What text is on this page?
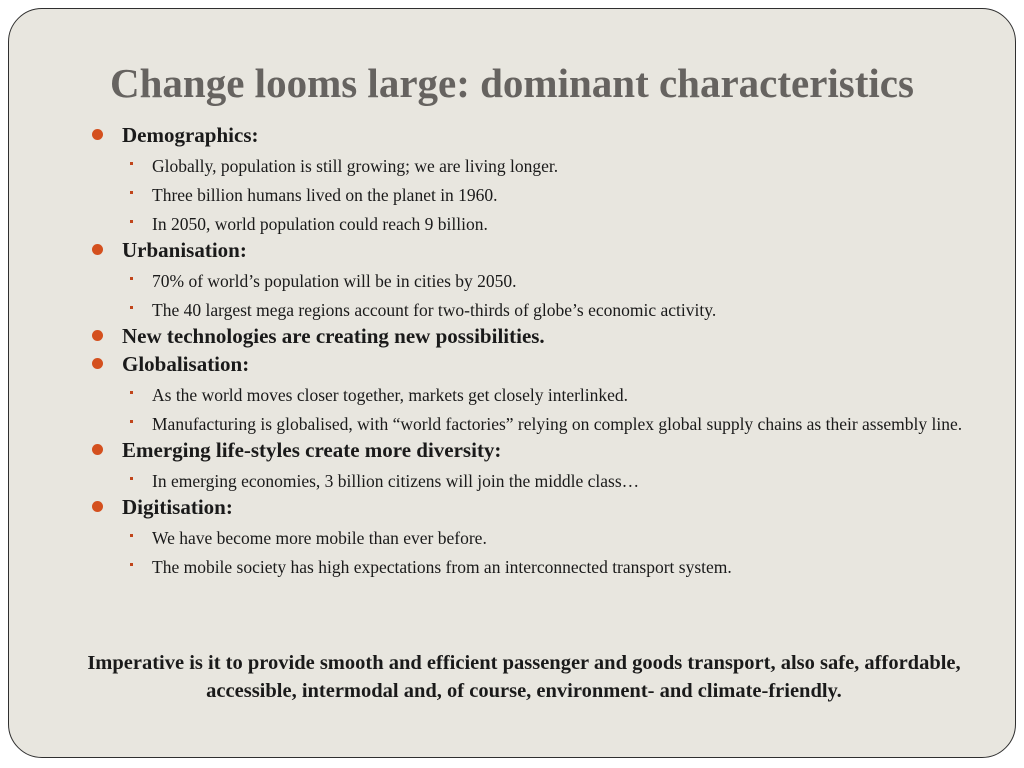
Change looms large: dominant characteristics
Demographics:
Globally, population is still growing; we are living longer.
Three billion humans lived on the planet in 1960.
In 2050, world population could reach 9 billion.
Urbanisation:
70% of world’s population will be in cities by 2050.
The 40 largest mega regions account for two-thirds of globe’s economic activity.
New technologies are creating new possibilities.
Globalisation:
As the world moves closer together, markets get closely interlinked.
Manufacturing is globalised, with “world factories” relying on complex global supply chains as their assembly line.
Emerging life-styles create more diversity:
In emerging economies, 3 billion citizens will join the middle class…
Digitisation:
We have become more mobile than ever before.
The mobile society has high expectations from an interconnected transport system.
Imperative is it to provide smooth and efficient passenger and goods transport, also safe, affordable, accessible, intermodal and, of course, environment- and climate-friendly.
